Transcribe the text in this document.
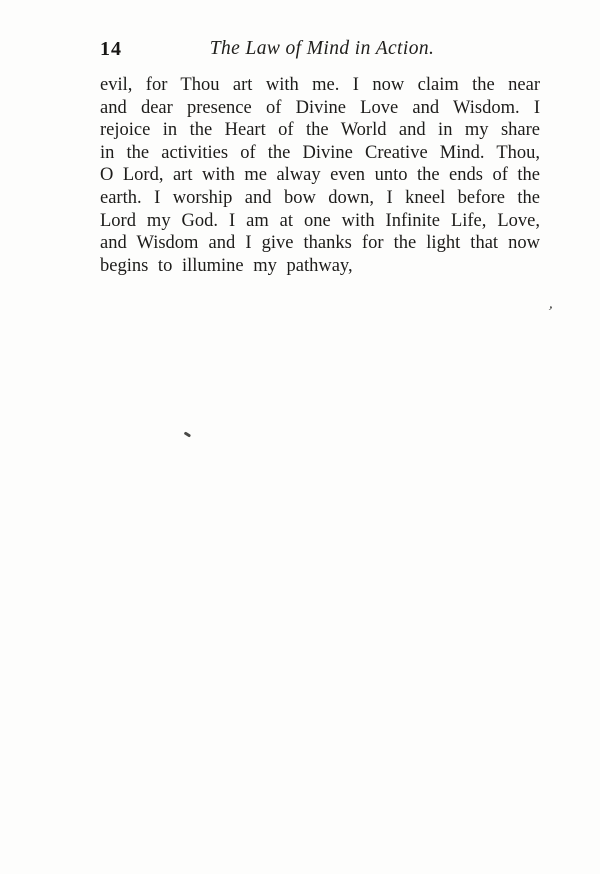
14	The Law of Mind in Action.
evil, for Thou art with me. I now claim the near
and dear presence of Divine Love and Wisdom. I
rejoice in the Heart of the World and in my share
in the activities of the Divine Creative Mind. Thou,
O Lord, art with me alway even unto the ends of the
earth. I worship and bow down, I kneel before the
Lord my God. I am at one with Infinite Life, Love,
and Wisdom and I give thanks for the light that now
begins to illumine my pathway,
,
